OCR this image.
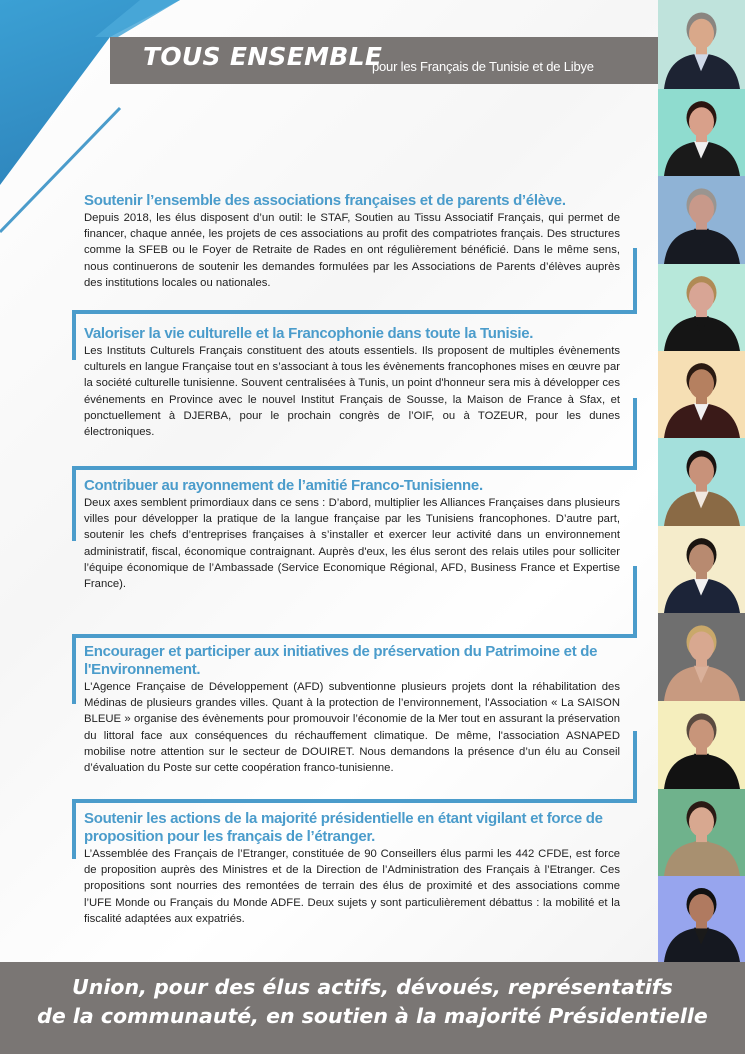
TOUS ENSEMBLE
pour les Français de Tunisie et de Libye
Soutenir l’ensemble des associations françaises et de parents d’élève.

Depuis 2018, les élus disposent d’un outil: le STAF, Soutien au Tissu Associatif Français, qui permet de financer, chaque année, les projets de ces associations au profit des compatriotes français. Des structures comme la SFEB ou le Foyer de Retraite de Rades en ont régulièrement bénéficié. Dans le même sens, nous continuerons de soutenir les demandes formulées par les Associations de Parents d’élèves auprès des institutions locales ou nationales.

Valoriser la vie culturelle et la Francophonie dans toute la Tunisie.

Les Instituts Culturels Français constituent des atouts essentiels. Ils proposent de multiples évènements culturels en langue Française tout en s’associant à tous les évènements francophones mises en œuvre par la société culturelle tunisienne. Souvent centralisées à Tunis, un point d'honneur sera mis à développer ces événements en Province avec le nouvel Institut Français de Sousse, la Maison de France à Sfax, et ponctuellement à DJERBA, pour le prochain congrès de l’OIF, ou à TOZEUR, pour les dunes électroniques.

Contribuer au rayonnement de l’amitié Franco-Tunisienne.

Deux axes semblent primordiaux dans ce sens : D’abord, multiplier les Alliances Françaises dans plusieurs villes pour développer la pratique de la langue française par les Tunisiens francophones. D’autre part, soutenir les chefs d’entreprises françaises à s’installer et exercer leur activité dans un environnement administratif, fiscal, économique contraignant. Auprès d'eux, les élus seront des relais utiles pour solliciter l’équipe économique de l’Ambassade (Service Economique Régional, AFD, Business France et Expertise France).

Encourager et participer aux initiatives de préservation du Patrimoine et de l'Environnement.

L'Agence Française de Développement (AFD) subventionne plusieurs projets dont la réhabilitation des Médinas de plusieurs grandes villes. Quant à la protection de l’environnement, l'Association « La SAISON BLEUE » organise des évènements pour promouvoir l’économie de la Mer tout en assurant la préservation du littoral face aux conséquences du réchauffement climatique. De même, l'association ASNAPED mobilise notre attention sur le secteur de DOUIRET. Nous demandons la présence d’un élu au Conseil d’évaluation du Poste sur cette coopération franco-tunisienne.

Soutenir les actions de la majorité présidentielle en étant vigilant et force de proposition pour les français de l’étranger.

L’Assemblée des Français de l’Etranger, constituée de 90 Conseillers élus parmi les 442 CFDE, est force de proposition auprès des Ministres et de la Direction de l’Administration des Français à l’Etranger. Ces propositions sont nourries des remontées de terrain des élus de proximité et des associations comme l’UFE Monde ou Français du Monde ADFE. Deux sujets y sont particulièrement débattus : la mobilité et la fiscalité adaptées aux expatriés.

Union, pour des élus actifs, dévoués, représentatifs
de la communauté, en soutien à la majorité Présidentielle
